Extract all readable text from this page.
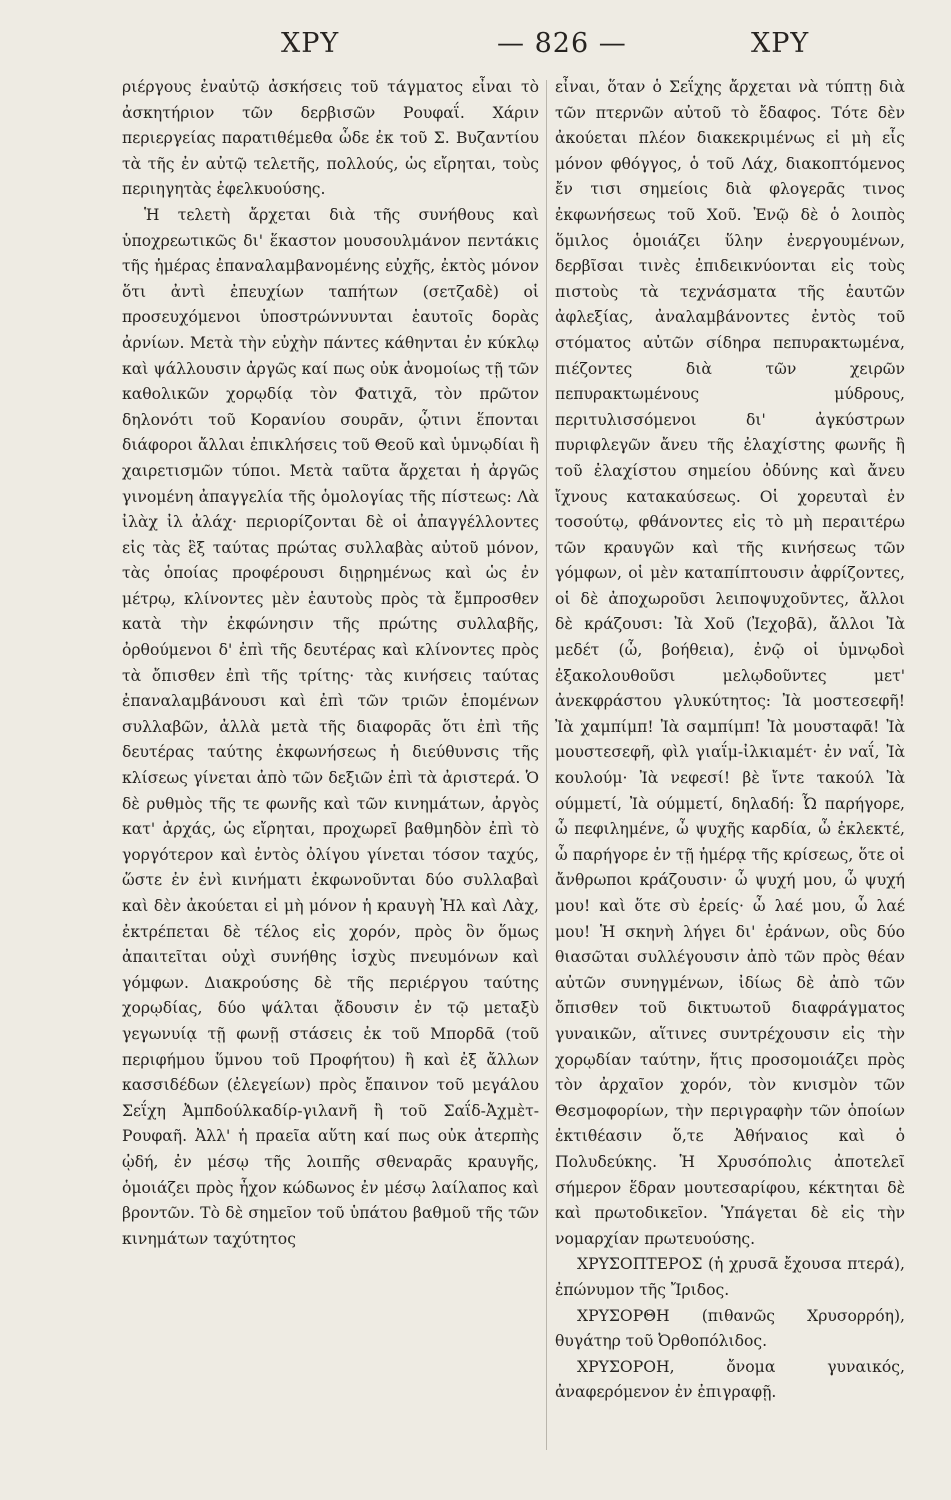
ΧΡΥ	— 826 —	ΧΡΥ

ριέργους ἐναὐτῷ ἀσκήσεις τοῦ τάγματος εἶναι τὸ ἀσκητήριον τῶν δερβισῶν Ρουφαΐ. Χάριν περιεργείας παρατιθέμεθα ὧδε ἐκ τοῦ Σ. Βυζαντίου τὰ τῆς ἐν αὐτῷ τελετῆς, πολλούς, ὡς εἴρηται, τοὺς περιηγητὰς ἐφελκυούσης.

Ἡ τελετὴ ἄρχεται διὰ τῆς συνήθους καὶ ὑποχρεωτικῶς δι' ἕκαστον μουσουλμάνον πεντάκις τῆς ἡμέρας ἐπαναλαμβανομένης εὐχῆς, ἐκτὸς μόνον ὅτι ἀντὶ ἐπευχίων ταπήτων (σετζαδὲ) οἱ προσευχόμενοι ὑποστρώννυνται ἑαυτοῖς δορὰς ἀρνίων. Μετὰ τὴν εὐχὴν πάντες κάθηνται ἐν κύκλῳ καὶ ψάλλουσιν ἀργῶς καί πως οὐκ ἀνομοίως τῇ τῶν καθολικῶν χορῳδίᾳ τὸν Φατιχᾶ, τὸν πρῶτον δηλονότι τοῦ Κορανίου σουρᾶν, ᾧτινι ἕπονται διάφοροι ἄλλαι ἐπικλήσεις τοῦ Θεοῦ καὶ ὑμνῳδίαι ἢ χαιρετισμῶν τύποι. Μετὰ ταῦτα ἄρχεται ἡ ἀργῶς γινομένη ἀπαγγελία τῆς ὁμολογίας τῆς πίστεως: Λὰ ἰλὰχ ἰλ ἀλάχ· περιορίζονται δὲ οἱ ἀπαγγέλλοντες εἰς τὰς ἓξ ταύτας πρώτας συλλαβὰς αὐτοῦ μόνον, τὰς ὁποίας προφέρουσι διῃρημένως καὶ ὡς ἐν μέτρῳ, κλίνοντες μὲν ἑαυτοὺς πρὸς τὰ ἔμπροσθεν κατὰ τὴν ἐκφώνησιν τῆς πρώτης συλλαβῆς, ὀρθούμενοι δ' ἐπὶ τῆς δευτέρας καὶ κλίνοντες πρὸς τὰ ὄπισθεν ἐπὶ τῆς τρίτης· τὰς κινήσεις ταύτας ἐπαναλαμβάνουσι καὶ ἐπὶ τῶν τριῶν ἑπομένων συλλαβῶν, ἀλλὰ μετὰ τῆς διαφορᾶς ὅτι ἐπὶ τῆς δευτέρας ταύτης ἐκφωνήσεως ἡ διεύθυνσις τῆς κλίσεως γίνεται ἀπὸ τῶν δεξιῶν ἐπὶ τὰ ἀριστερά. Ὁ δὲ ρυθμὸς τῆς τε φωνῆς καὶ τῶν κινημάτων, ἀργὸς κατ' ἀρχάς, ὡς εἴρηται, προχωρεῖ βαθμηδὸν ἐπὶ τὸ γοργότερον καὶ ἐντὸς ὀλίγου γίνεται τόσον ταχύς, ὥστε ἐν ἑνὶ κινήματι ἐκφωνοῦνται δύο συλλαβαὶ καὶ δὲν ἀκούεται εἰ μὴ μόνον ἡ κραυγὴ Ἠλ καὶ Λὰχ, ἐκτρέπεται δὲ τέλος εἰς χορόν, πρὸς ὃν ὅμως ἀπαιτεῖται οὐχὶ συνήθης ἰσχὺς πνευμόνων καὶ γόμφων. Διακρούσης δὲ τῆς περιέργου ταύτης χορῳδίας, δύο ψάλται ᾄδουσιν ἐν τῷ μεταξὺ γεγωνυίᾳ τῇ φωνῇ στάσεις ἐκ τοῦ Μπορδᾶ (τοῦ περιφήμου ὕμνου τοῦ Προφήτου) ἢ καὶ ἐξ ἄλλων κασσιδέδων (ἐλεγείων) πρὸς ἔπαινον τοῦ μεγάλου Σεΐχη Ἀμπδούλκαδίρ-γιλανῆ ἢ τοῦ Σαΐδ-Ἀχμὲτ-Ρουφαῆ. Ἀλλ' ἡ πραεῖα αὕτη καί πως οὐκ ἀτερπὴς ᾠδή, ἐν μέσῳ τῆς λοιπῆς σθεναρᾶς κραυγῆς, ὁμοιάζει πρὸς ἦχον κώδωνος ἐν μέσῳ λαίλαπος καὶ βροντῶν. Τὸ δὲ σημεῖον τοῦ ὑπάτου βαθμοῦ τῆς τῶν κινημάτων ταχύτητος

εἶναι, ὅταν ὁ Σεΐχης ἄρχεται νὰ τύπτῃ διὰ τῶν πτερνῶν αὐτοῦ τὸ ἔδαφος. Τότε δὲν ἀκούεται πλέον διακεκριμένως εἰ μὴ εἷς μόνον φθόγγος, ὁ τοῦ Λάχ, διακοπτόμενος ἔν τισι σημείοις διὰ φλογερᾶς τινος ἐκφωνήσεως τοῦ Χοῦ. Ἐνῷ δὲ ὁ λοιπὸς ὅμιλος ὁμοιάζει ὕλην ἐνεργουμένων, δερβῖσαι τινὲς ἐπιδεικνύονται εἰς τοὺς πιστοὺς τὰ τεχνάσματα τῆς ἑαυτῶν ἀφλεξίας, ἀναλαμβάνοντες ἐντὸς τοῦ στόματος αὐτῶν σίδηρα πεπυρακτωμένα, πιέζοντες διὰ τῶν χειρῶν πεπυρακτωμένους μύδρους, περιτυλισσόμενοι δι' ἀγκύστρων πυριφλεγῶν ἄνευ τῆς ἐλαχίστης φωνῆς ἢ τοῦ ἐλαχίστου σημείου ὀδύνης καὶ ἄνευ ἴχνους κατακαύσεως. Οἱ χορευταὶ ἐν τοσούτῳ, φθάνοντες εἰς τὸ μὴ περαιτέρω τῶν κραυγῶν καὶ τῆς κινήσεως τῶν γόμφων, οἱ μὲν καταπίπτουσιν ἀφρίζοντες, οἱ δὲ ἀποχωροῦσι λειποψυχοῦντες, ἄλλοι δὲ κράζουσι: Ἰὰ Χοῦ (Ἰεχοβᾶ), ἄλλοι Ἰὰ μεδέτ (ὦ, βοήθεια), ἐνῷ οἱ ὑμνῳδοὶ ἐξακολουθοῦσι μελῳδοῦντες μετ' ἀνεκφράστου γλυκύτητος: Ἰὰ μοστεσεφῆ! Ἰὰ χαμπίμπ! Ἰὰ σαμπίμπ! Ἰὰ μουσταφᾶ! Ἰὰ μουστεσεφῆ, φὶλ γιαΐμ-ἰλκιαμέτ· ἐν ναΐ, Ἰὰ κουλούμ· Ἰὰ νεφεσί! βὲ ἴντε τακούλ Ἰὰ ούμμετί, Ἰὰ ούμμετί, δηλαδή: Ὦ παρήγορε, ὦ πεφιλημένε, ὦ ψυχῆς καρδία, ὦ ἐκλεκτέ, ὦ παρήγορε ἐν τῇ ἡμέρᾳ τῆς κρίσεως, ὅτε οἱ ἄνθρωποι κράζουσιν· ὦ ψυχή μου, ὦ ψυχή μου! καὶ ὅτε σὺ ἐρείς· ὦ λαέ μου, ὦ λαέ μου! Ἡ σκηνὴ λήγει δι' ἐράνων, οὓς δύο θιασῶται συλλέγουσιν ἀπὸ τῶν πρὸς θέαν αὐτῶν συνηγμένων, ἰδίως δὲ ἀπὸ τῶν ὄπισθεν τοῦ δικτυωτοῦ διαφράγματος γυναικῶν, αἵτινες συντρέχουσιν εἰς τὴν χορῳδίαν ταύτην, ἥτις προσομοιάζει πρὸς τὸν ἀρχαῖον χορόν, τὸν κνισμὸν τῶν Θεσμοφορίων, τὴν περιγραφὴν τῶν ὁποίων ἐκτιθέασιν ὅ,τε Ἀθήναιος καὶ ὁ Πολυδεύκης. Ἡ Χρυσόπολις ἀποτελεῖ σήμερον ἕδραν μουτεσαρίφου, κέκτηται δὲ καὶ πρωτοδικεῖον. Ὑπάγεται δὲ εἰς τὴν νομαρχίαν πρωτευούσης.

ΧΡΥΣΟΠΤΕΡΟΣ (ἡ χρυσᾶ ἔχουσα πτερά), ἐπώνυμον τῆς Ἴριδος.

ΧΡΥΣΟΡΘΗ (πιθανῶς Χρυσορρόη), θυγάτηρ τοῦ Ὀρθοπόλιδος.

ΧΡΥΣΟΡΟΗ, ὄνομα γυναικός, ἀναφερόμενον ἐν ἐπιγραφῇ.
